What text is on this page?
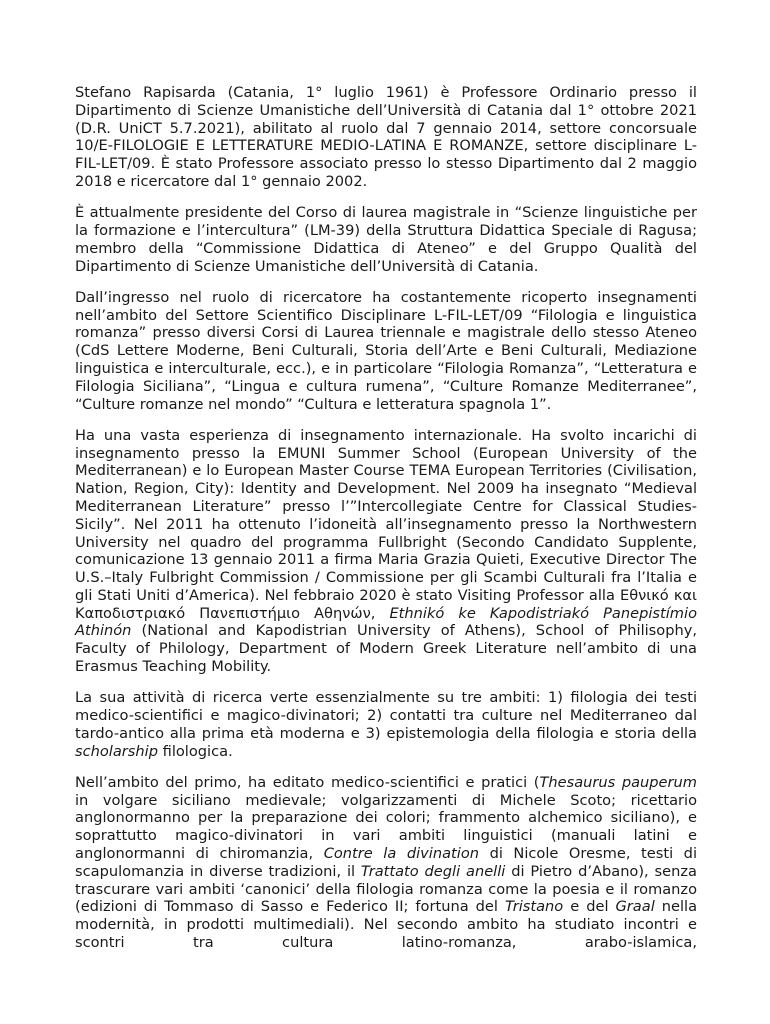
Stefano Rapisarda (Catania, 1° luglio 1961) è Professore Ordinario presso il Dipartimento di Scienze Umanistiche dell’Università di Catania dal 1° ottobre 2021 (D.R. UniCT 5.7.2021), abilitato al ruolo dal 7 gennaio 2014, settore concorsuale 10/E-FILOLOGIE E LETTERATURE MEDIO-LATINA E ROMANZE, settore disciplinare L-FIL-LET/09. È stato Professore associato presso lo stesso Dipartimento dal 2 maggio 2018 e ricercatore dal 1° gennaio 2002.

È attualmente presidente del Corso di laurea magistrale in “Scienze linguistiche per la formazione e l’intercultura” (LM-39) della Struttura Didattica Speciale di Ragusa; membro della “Commissione Didattica di Ateneo” e del Gruppo Qualità del Dipartimento di Scienze Umanistiche dell’Università di Catania.

Dall’ingresso nel ruolo di ricercatore ha costantemente ricoperto insegnamenti nell’ambito del Settore Scientifico Disciplinare L-FIL-LET/09 “Filologia e linguistica romanza” presso diversi Corsi di Laurea triennale e magistrale dello stesso Ateneo (CdS Lettere Moderne, Beni Culturali, Storia dell’Arte e Beni Culturali, Mediazione linguistica e interculturale, ecc.), e in particolare “Filologia Romanza”, “Letteratura e Filologia Siciliana”, “Lingua e cultura rumena”, “Culture Romanze Mediterranee”, “Culture romanze nel mondo” “Cultura e letteratura spagnola 1”.

Ha una vasta esperienza di insegnamento internazionale. Ha svolto incarichi di insegnamento presso la EMUNI Summer School (European University of the Mediterranean) e lo European Master Course TEMA European Territories (Civilisation, Nation, Region, City): Identity and Development. Nel 2009 ha insegnato “Medieval Mediterranean Literature” presso l’”Intercollegiate Centre for Classical Studies-Sicily”. Nel 2011 ha ottenuto l’idoneità all’insegnamento presso la Northwestern University nel quadro del programma Fullbright (Secondo Candidato Supplente, comunicazione 13 gennaio 2011 a firma Maria Grazia Quieti, Executive Director The U.S.–Italy Fulbright Commission / Commissione per gli Scambi Culturali fra l’Italia e gli Stati Uniti d’America). Nel febbraio 2020 è stato Visiting Professor alla Εθνικό και Καποδιστριακό Πανεπιστήμιο Αθηνών, Ethnikó ke Kapodistriakó Panepistímio Athinón (National and Kapodistrian University of Athens), School of Philisophy, Faculty of Philology, Department of Modern Greek Literature nell’ambito di una Erasmus Teaching Mobility.

La sua attività di ricerca verte essenzialmente su tre ambiti: 1) filologia dei testi medico-scientifici e magico-divinatori; 2) contatti tra culture nel Mediterraneo dal tardo-antico alla prima età moderna e 3) epistemologia della filologia e storia della scholarship filologica.

Nell’ambito del primo, ha editato medico-scientifici e pratici (Thesaurus pauperum in volgare siciliano medievale; volgarizzamenti di Michele Scoto; ricettario anglonormanno per la preparazione dei colori; frammento alchemico siciliano), e soprattutto magico-divinatori in vari ambiti linguistici (manuali latini e anglonormanni di chiromanzia, Contre la divination di Nicole Oresme, testi di scapulomanzia in diverse tradizioni, il Trattato degli anelli di Pietro d’Abano), senza trascurare vari ambiti ‘canonici’ della filologia romanza come la poesia e il romanzo (edizioni di Tommaso di Sasso e Federico II; fortuna del Tristano e del Graal nella modernità, in prodotti multimediali). Nel secondo ambito ha studiato incontri e scontri tra cultura latino-romanza, arabo-islamica,
